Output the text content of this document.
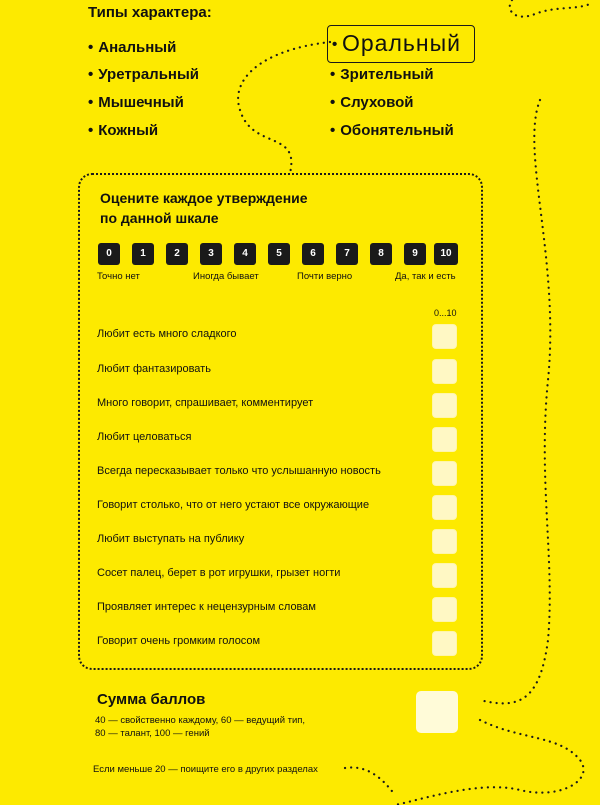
Типы характера:
• Анальный
• Уретральный
• Мышечный
• Кожный
• Оральный
• Зрительный
• Слуховой
• Обонятельный
Оцените каждое утверждение
по данной шкале
0	1	2	3	4	5	6	7	8	9	10
Точно нет	Иногда бывает	Почти верно	Да, так и есть
0...10
Любит есть много сладкого
Любит фантазировать
Много говорит, спрашивает, комментирует
Любит целоваться
Всегда пересказывает только что услышанную новость
Говорит столько, что от него устают все окружающие
Любит выступать на публику
Сосет палец, берет в рот игрушки, грызет ногти
Проявляет интерес к нецензурным словам
Говорит очень громким голосом
Сумма баллов
40 — свойственно каждому, 60 — ведущий тип,
80 — талант, 100 — гений
Если меньше 20 — поищите его в других разделах
